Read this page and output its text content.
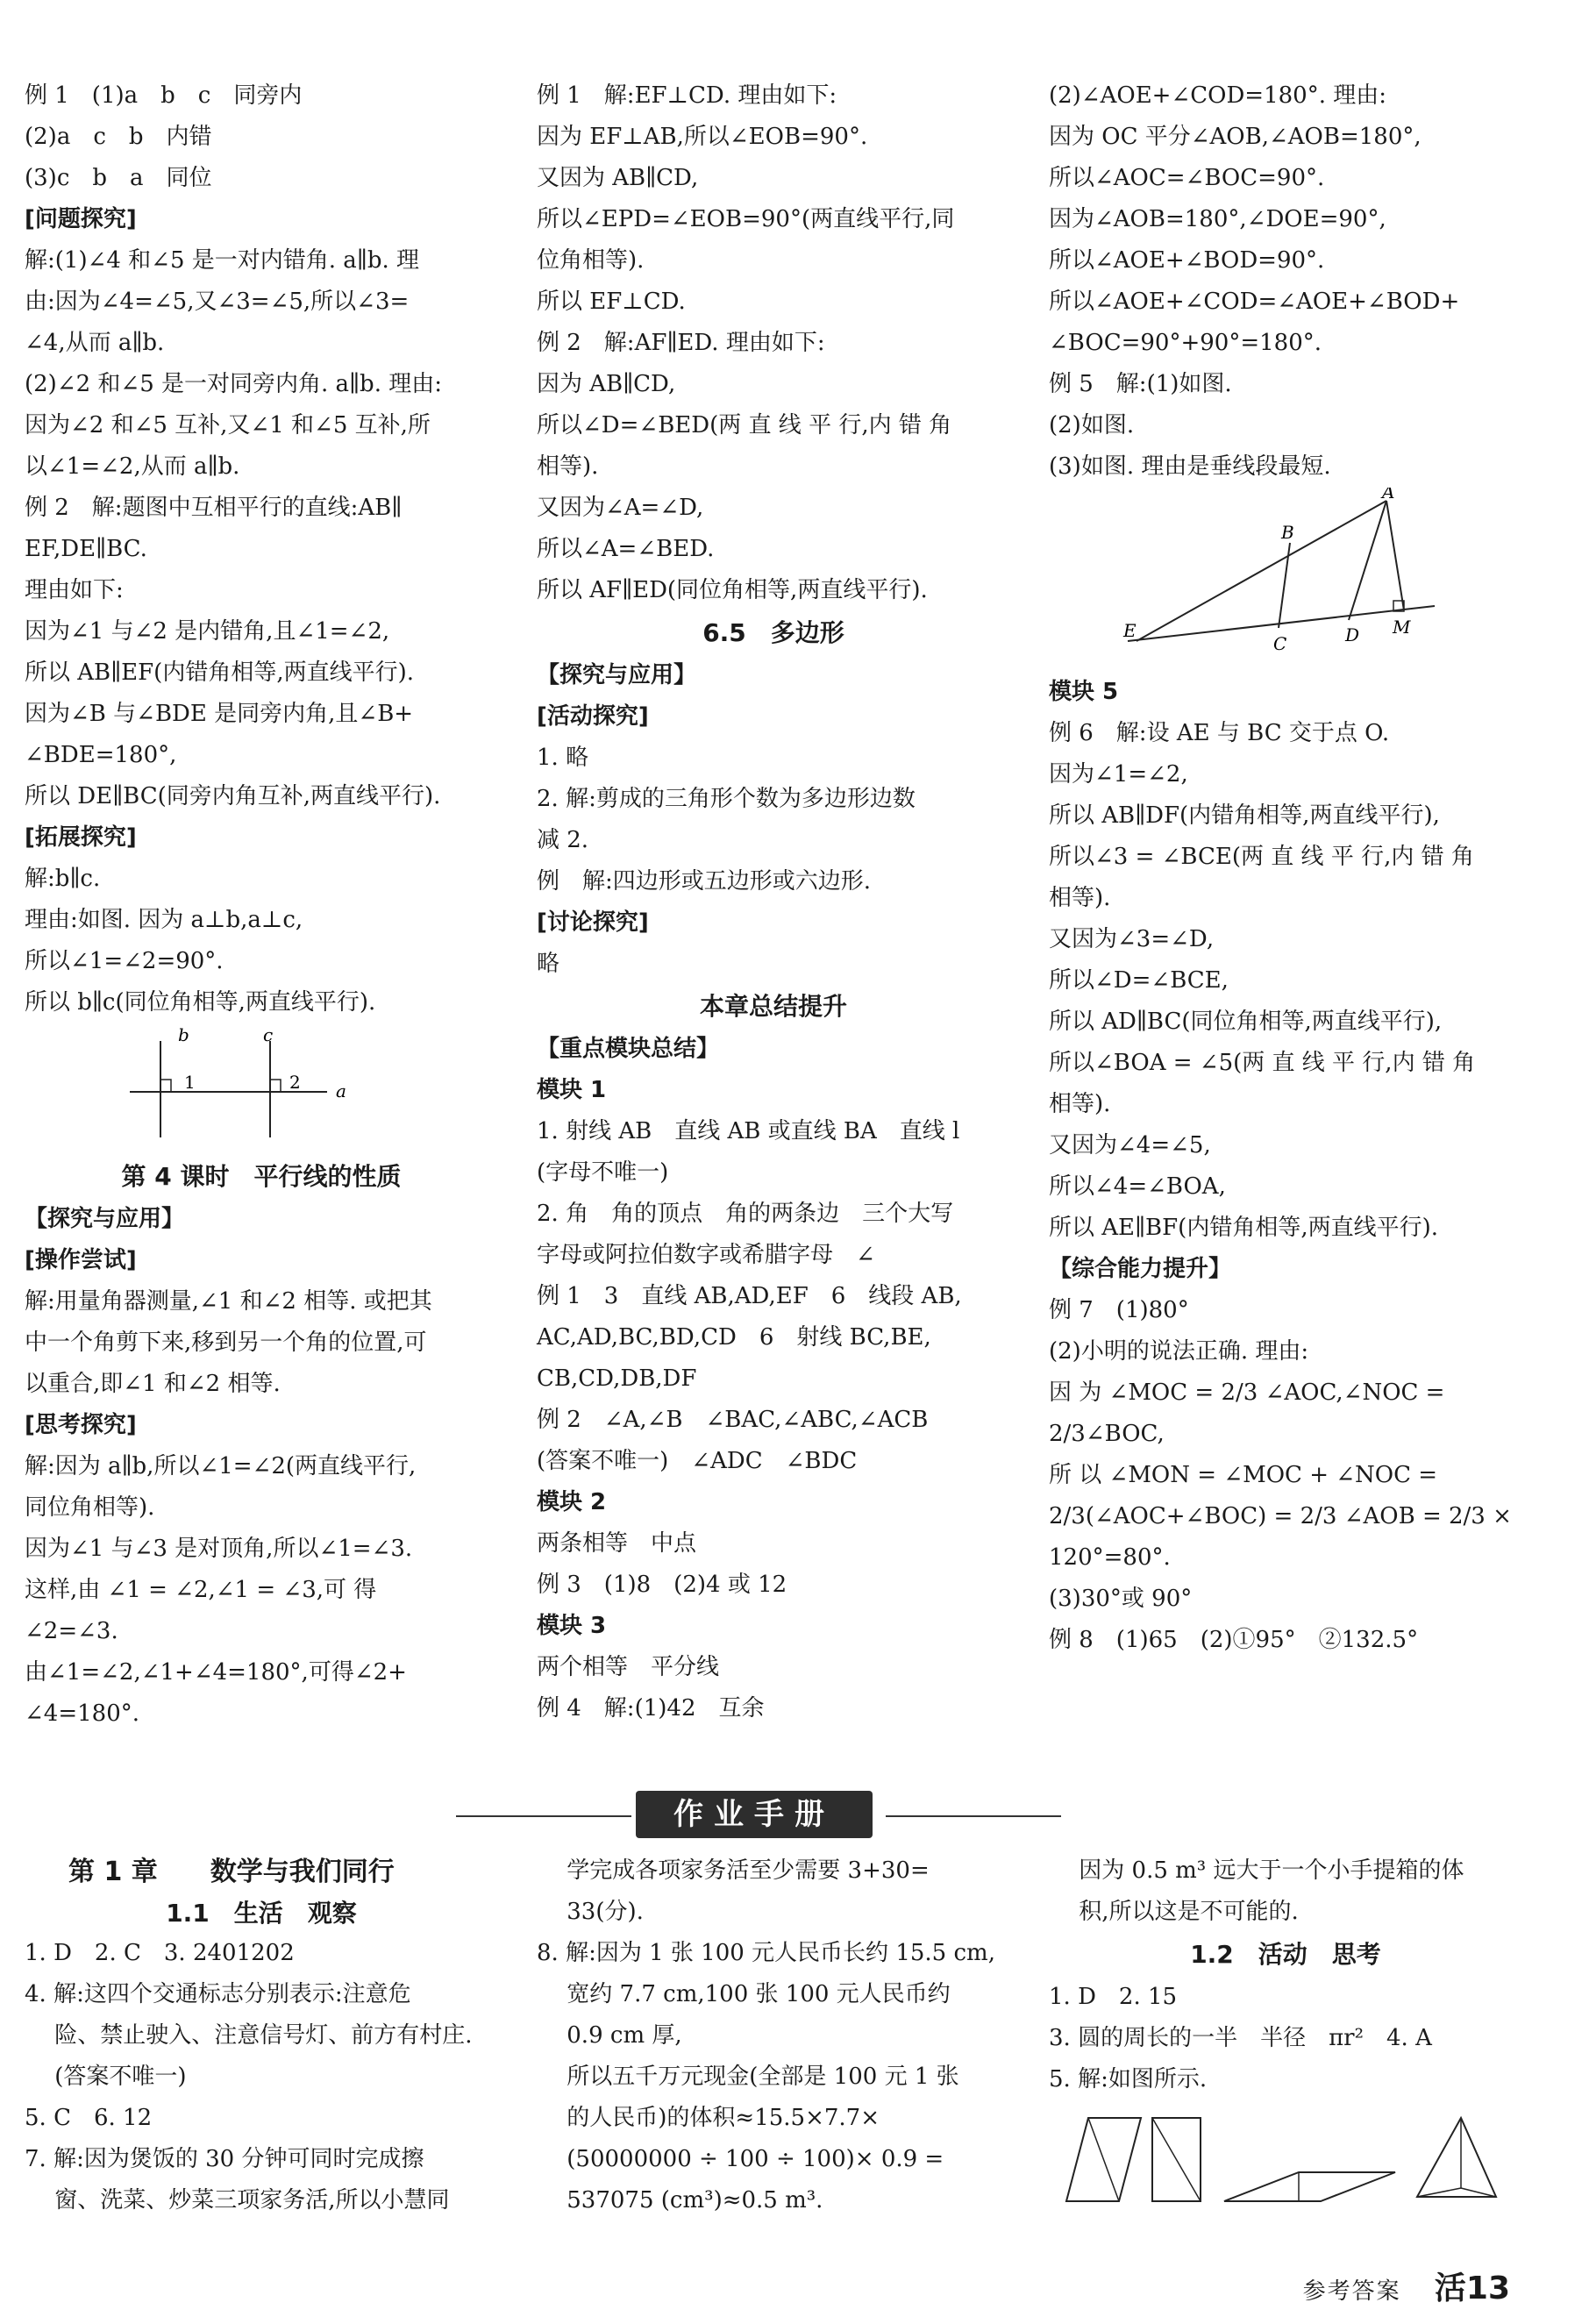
例 1　(1)a　b　c　同旁内
(2)a　c　b　内错
(3)c　b　a　同位
[问题探究]
解:(1)∠4 和∠5 是一对内错角. a∥b. 理
由:因为∠4=∠5,又∠3=∠5,所以∠3=
∠4,从而 a∥b.
(2)∠2 和∠5 是一对同旁内角. a∥b. 理由:
因为∠2 和∠5 互补,又∠1 和∠5 互补,所
以∠1=∠2,从而 a∥b.
例 2　解:题图中互相平行的直线:AB∥
EF,DE∥BC.
理由如下:
因为∠1 与∠2 是内错角,且∠1=∠2,
所以 AB∥EF(内错角相等,两直线平行).
因为∠B 与∠BDE 是同旁内角,且∠B+
∠BDE=180°,
所以 DE∥BC(同旁内角互补,两直线平行).
[拓展探究]
解:b∥c.
理由:如图. 因为 a⊥b,a⊥c,
所以∠1=∠2=90°.
所以 b∥c(同位角相等,两直线平行).
1	2
b	c
a
第 4 课时　平行线的性质
【探究与应用】
[操作尝试]
解:用量角器测量,∠1 和∠2 相等. 或把其
中一个角剪下来,移到另一个角的位置,可
以重合,即∠1 和∠2 相等.
[思考探究]
解:因为 a∥b,所以∠1=∠2(两直线平行,
同位角相等).
因为∠1 与∠3 是对顶角,所以∠1=∠3.
这样,由 ∠1 = ∠2,∠1 = ∠3,可 得
∠2=∠3.
由∠1=∠2,∠1+∠4=180°,可得∠2+
∠4=180°.
例 1　解:EF⊥CD. 理由如下:
因为 EF⊥AB,所以∠EOB=90°.
又因为 AB∥CD,
所以∠EPD=∠EOB=90°(两直线平行,同
位角相等).
所以 EF⊥CD.
例 2　解:AF∥ED. 理由如下:
因为 AB∥CD,
所以∠D=∠BED(两 直 线 平 行,内 错 角
相等).
又因为∠A=∠D,
所以∠A=∠BED.
所以 AF∥ED(同位角相等,两直线平行).
6.5　多边形
【探究与应用】
[活动探究]
1. 略
2. 解:剪成的三角形个数为多边形边数
减 2.
例　解:四边形或五边形或六边形.
[讨论探究]
略
本章总结提升
【重点模块总结】
模块 1
1. 射线 AB　直线 AB 或直线 BA　直线 l
(字母不唯一)
2. 角　角的顶点　角的两条边　三个大写
字母或阿拉伯数字或希腊字母　∠
例 1　3　直线 AB,AD,EF　6　线段 AB,
AC,AD,BC,BD,CD　6　射线 BC,BE,
CB,CD,DB,DF
例 2　∠A,∠B　∠BAC,∠ABC,∠ACB
(答案不唯一)　∠ADC　∠BDC
模块 2
两条相等　中点
例 3　(1)8　(2)4 或 12
模块 3
两个相等　平分线
例 4　解:(1)42　互余
(2)∠AOE+∠COD=180°. 理由:
因为 OC 平分∠AOB,∠AOB=180°,
所以∠AOC=∠BOC=90°.
因为∠AOB=180°,∠DOE=90°,
所以∠AOE+∠BOD=90°.
所以∠AOE+∠COD=∠AOE+∠BOD+
∠BOC=90°+90°=180°.
例 5　解:(1)如图.
(2)如图.
(3)如图. 理由是垂线段最短.
A
B
C	D
E	M
模块 5
例 6　解:设 AE 与 BC 交于点 O.
因为∠1=∠2,
所以 AB∥DF(内错角相等,两直线平行),
所以∠3 = ∠BCE(两 直 线 平 行,内 错 角
相等).
又因为∠3=∠D,
所以∠D=∠BCE,
所以 AD∥BC(同位角相等,两直线平行),
所以∠BOA = ∠5(两 直 线 平 行,内 错 角
相等).
又因为∠4=∠5,
所以∠4=∠BOA,
所以 AE∥BF(内错角相等,两直线平行).
【综合能力提升】
例 7　(1)80°
(2)小明的说法正确. 理由:
因 为 ∠MOC = 2/3 ∠AOC,∠NOC =
2/3∠BOC,
所 以 ∠MON = ∠MOC + ∠NOC =
2/3(∠AOC+∠BOC) = 2/3 ∠AOB = 2/3 ×
120°=80°.
(3)30°或 90°
例 8　(1)65　(2)①95°　②132.5°
作业手册
第 1 章　　数学与我们同行
1.1　生活　观察
1. D　2. C　3. 2401202
4. 解:这四个交通标志分别表示:注意危
　 险、禁止驶入、注意信号灯、前方有村庄.
　 (答案不唯一)
5. C　6. 12
7. 解:因为煲饭的 30 分钟可同时完成擦
　 窗、洗菜、炒菜三项家务活,所以小慧同
　 学完成各项家务活至少需要 3+30=
　 33(分).
8. 解:因为 1 张 100 元人民币长约 15.5 cm,
　 宽约 7.7 cm,100 张 100 元人民币约
　 0.9 cm 厚,
　 所以五千万元现金(全部是 100 元 1 张
　 的人民币)的体积≈15.5×7.7×
　 (50000000 ÷ 100 ÷ 100)× 0.9 =
　 537075 (cm³)≈0.5 m³.
　 因为 0.5 m³ 远大于一个小手提箱的体
　 积,所以这是不可能的.
1.2　活动　思考
1. D　2. 15
3. 圆的周长的一半　半径　πr²　4. A
5. 解:如图所示.
参考答案 活13
